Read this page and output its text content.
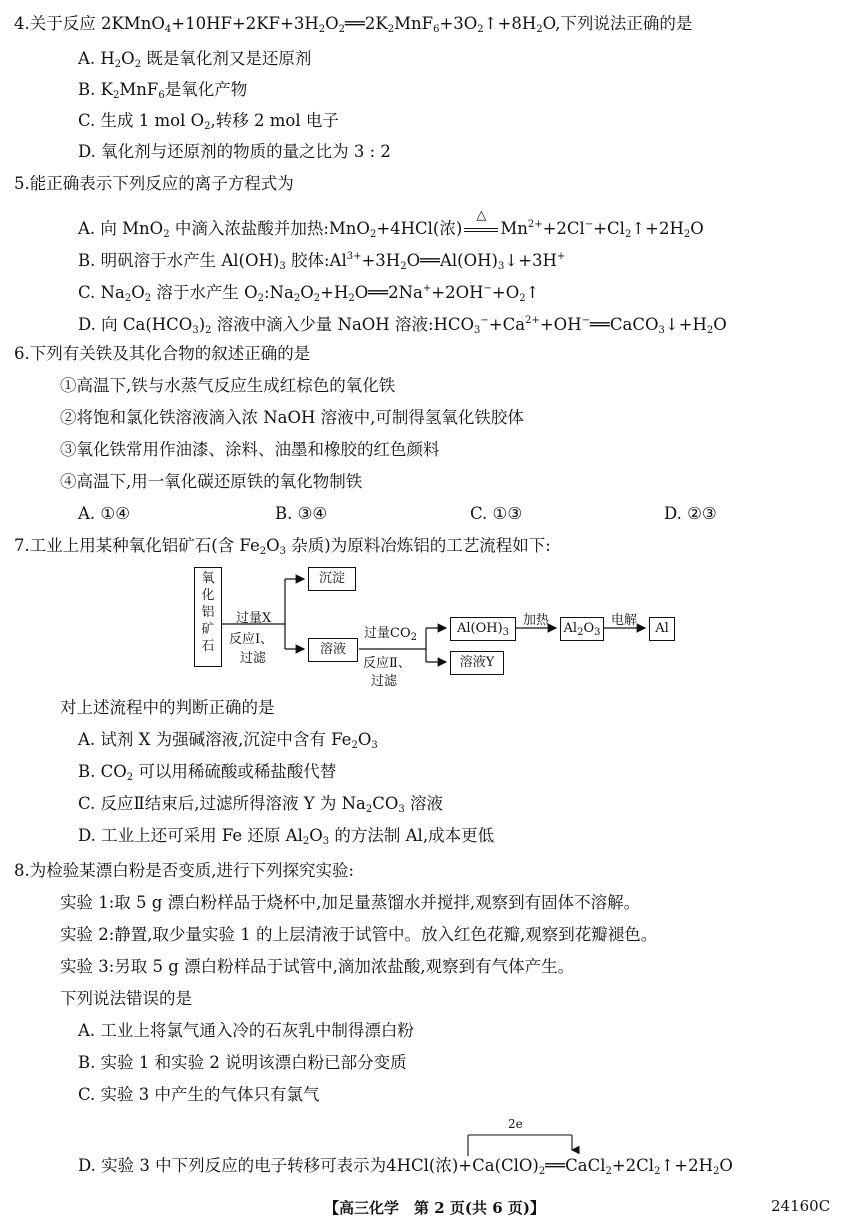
4.关于反应 $2KMnO_4+10HF+2KF+3H_2O_2══2K_2MnF_6+3O_2↑+8H_2O$,下列说法正确的是
A. $H_2O_2$ 既是氧化剂又是还原剂
B. $K_2MnF_6$是氧化产物
C. 生成 1 mol $O_2$,转移 2 mol 电子
D. 氧化剂与还原剂的物质的量之比为 3 : 2
5.能正确表示下列反应的离子方程式为
A. 向 MnO$_2$ 中滴入浓盐酸并加热:MnO$_2$+4HCl(浓)
△
$Mn^{2+}+2Cl^-+Cl_2↑+2H_2O$
B. 明矾溶于水产生 $Al(OH)_3$ 胶体$:Al^{3+}+3H_2O══Al(OH)_3↓+3H^+$
C. $Na_2O_2$ 溶于水产生 $O_2:Na_2O_2+H_2O══2Na^++2OH^-+O_2↑$
D. 向 $Ca(HCO_3)_2$ 溶液中滴入少量 NaOH 溶液$:HCO_3^-+Ca^{2+}+OH^-══CaCO_3↓+H_2O$
6.下列有关铁及其化合物的叙述正确的是
①高温下,铁与水蒸气反应生成红棕色的氧化铁
②将饱和氯化铁溶液滴入浓 NaOH 溶液中,可制得氢氧化铁胶体
③氧化铁常用作油漆、涂料、油墨和橡胶的红色颜料
④高温下,用一氧化碳还原铁的氧化物制铁
A. ①④	B. ③④	C. ①③	D. ②③
7.工业上用某种氧化铝矿石(含 $Fe_2O_3$ 杂质)为原料冶炼铝的工艺流程如下:
氧
化
铝
矿
石
过量X
反应Ⅰ、
过滤
沉淀
溶液
过量$CO_2$
反应Ⅱ、
过滤
$Al(OH)_3$
加热
$Al_2O_3$
电解
Al
溶液Y
对上述流程中的判断正确的是
A. 试剂 X 为强碱溶液,沉淀中含有 $Fe_2O_3$
B. $CO_2$ 可以用稀硫酸或稀盐酸代替
C. 反应Ⅱ结束后,过滤所得溶液 Y 为 $Na_2CO_3$ 溶液
D. 工业上还可采用 Fe 还原 $Al_2O_3$ 的方法制 Al,成本更低
8.为检验某漂白粉是否变质,进行下列探究实验:
实验 1:取 5 g 漂白粉样品于烧杯中,加足量蒸馏水并搅拌,观察到有固体不溶解。
实验 2:静置,取少量实验 1 的上层清液于试管中。放入红色花瓣,观察到花瓣褪色。
实验 3:另取 5 g 漂白粉样品于试管中,滴加浓盐酸,观察到有气体产生。
下列说法错误的是
A. 工业上将氯气通入冷的石灰乳中制得漂白粉
B. 实验 1 和实验 2 说明该漂白粉已部分变质
C. 实验 3 中产生的气体只有氯气
2e
D. 实验 3 中下列反应的电子转移可表示为4HCl(浓)$+Ca(ClO)_2══CaCl_2+2Cl_2↑+2H_2O$
【高三化学　第 2 页(共 6 页)】	24160C
